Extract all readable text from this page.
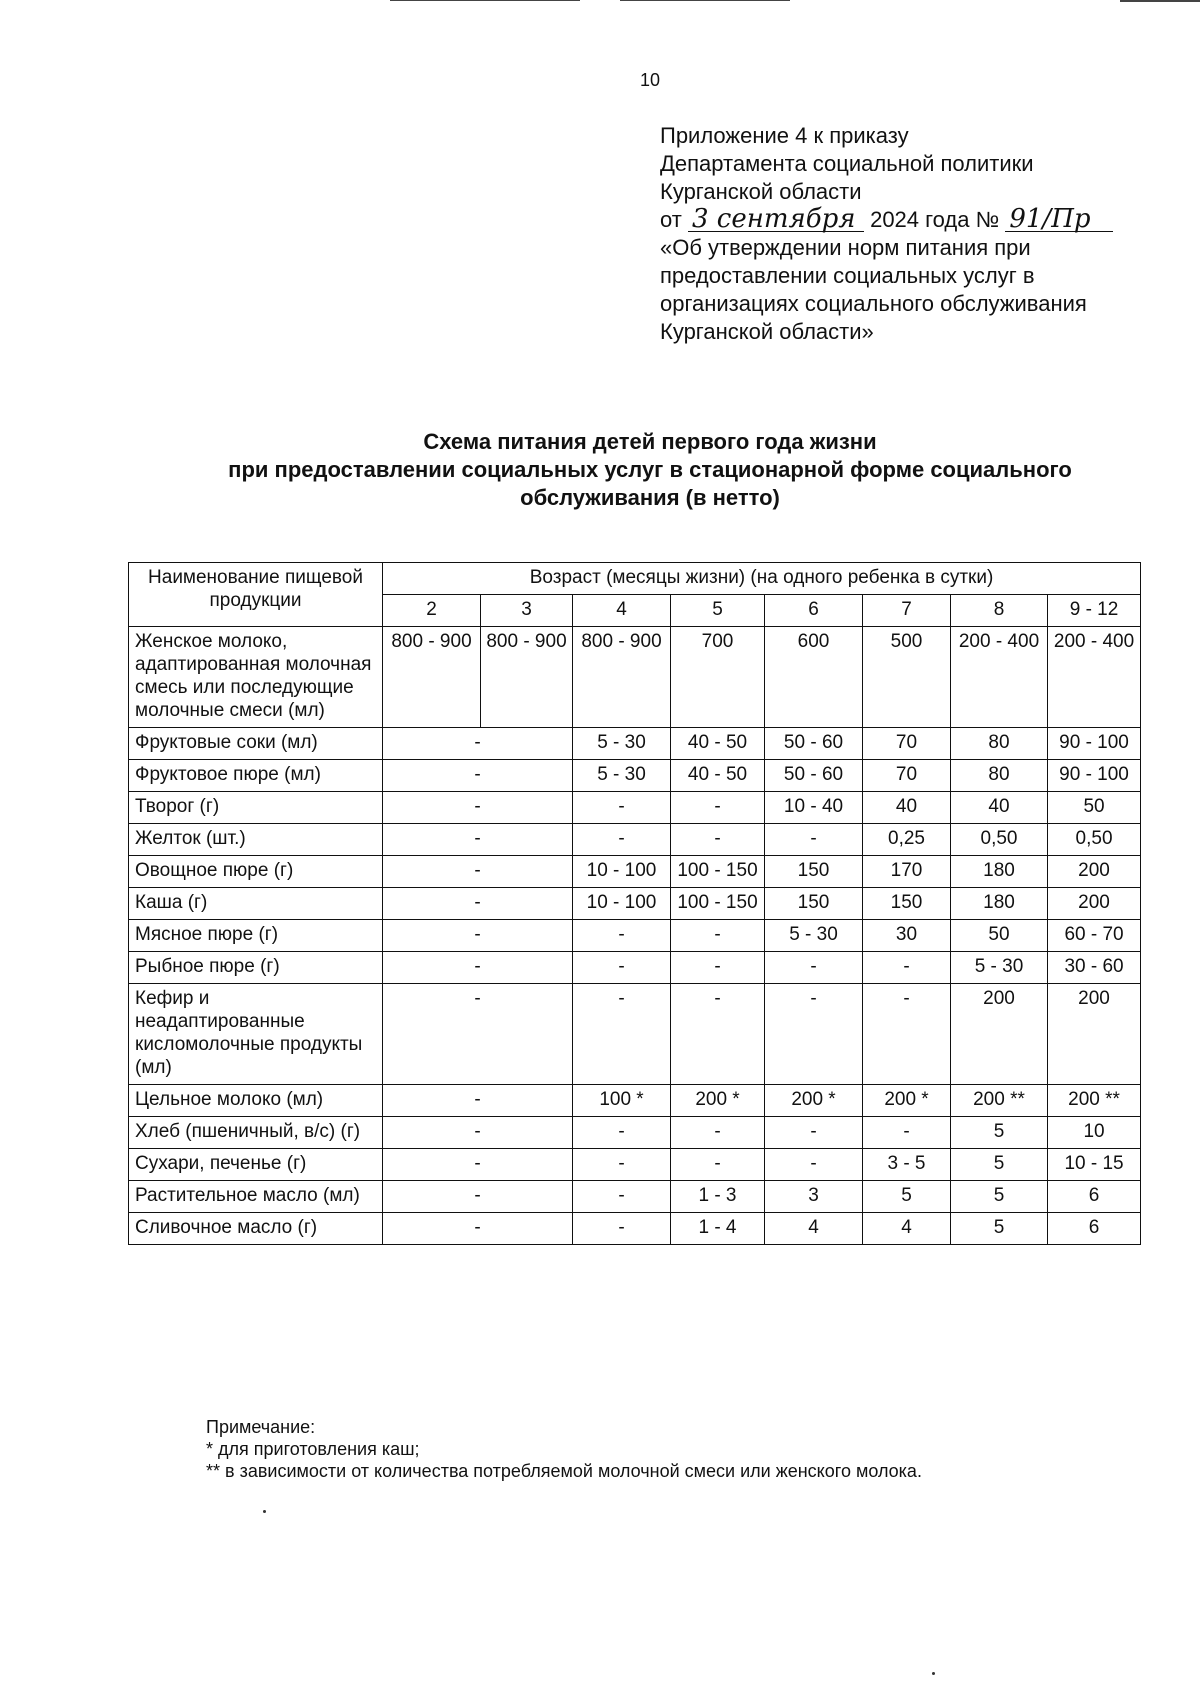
10
Приложение 4 к приказу
Департамента социальной политики
Курганской области
от 3 сентября 2024 года № 91/Пр
«Об утверждении норм питания при
предоставлении социальных услуг в
организациях социального обслуживания
Курганской области»
Схема питания детей первого года жизни
при предоставлении социальных услуг в стационарной форме социального
обслуживания (в нетто)
Наименование пищевой продукции	Возраст (месяцы жизни) (на одного ребенка в сутки)							
	2	3	4	5	6	7	8	9 - 12
Женское молоко, адаптированная молочная смесь или последующие молочные смеси (мл)	800 - 900	800 - 900	800 - 900	700	600	500	200 - 400	200 - 400
Фруктовые соки (мл)	-		5 - 30	40 - 50	50 - 60	70	80	90 - 100
Фруктовое пюре (мл)	-		5 - 30	40 - 50	50 - 60	70	80	90 - 100
Творог (г)	-		-	-	10 - 40	40	40	50
Желток (шт.)	-		-	-	-	0,25	0,50	0,50
Овощное пюре (г)	-		10 - 100	100 - 150	150	170	180	200
Каша (г)	-		10 - 100	100 - 150	150	150	180	200
Мясное пюре (г)	-		-	-	5 - 30	30	50	60 - 70
Рыбное пюре (г)	-		-	-	-	-	5 - 30	30 - 60
Кефир и неадаптированные кисломолочные продукты (мл)	-		-	-	-	-	200	200
Цельное молоко (мл)	-		100 *	200 *	200 *	200 *	200 **	200 **
Хлеб (пшеничный, в/с) (г)	-		-	-	-	-	5	10
Сухари, печенье (г)	-		-	-	-	3 - 5	5	10 - 15
Растительное масло (мл)	-		-	1 - 3	3	5	5	6
Сливочное масло (г)	-		-	1 - 4	4	4	5	6
Примечание:
* для приготовления каш;
** в зависимости от количества потребляемой молочной смеси или женского молока.
